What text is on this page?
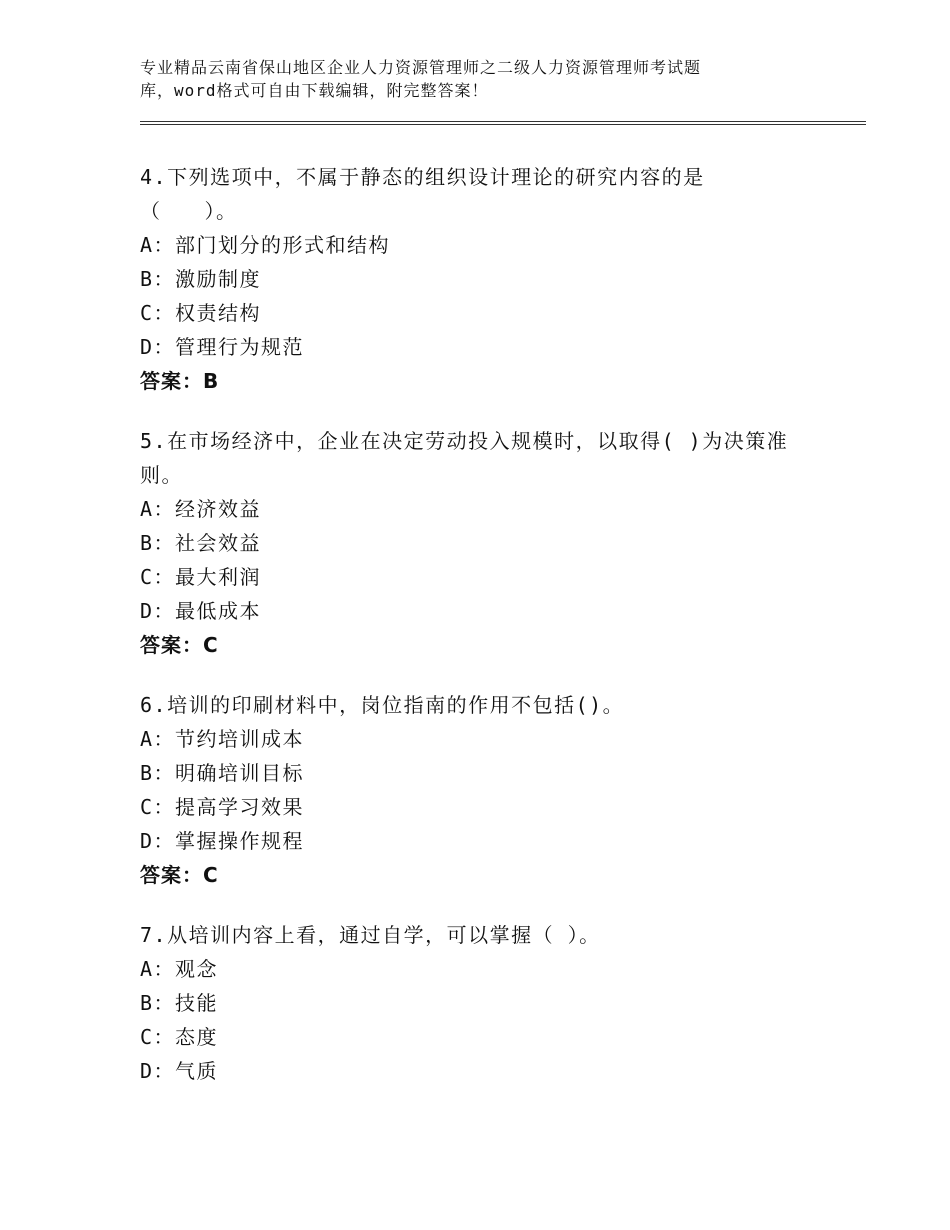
专业精品云南省保山地区企业人力资源管理师之二级人力资源管理师考试题
库，word格式可自由下载编辑，附完整答案！
4.下列选项中，不属于静态的组织设计理论的研究内容的是
（　　）。
A：部门划分的形式和结构
B：激励制度
C：权责结构
D：管理行为规范
答案：B
5.在市场经济中，企业在决定劳动投入规模时，以取得( )为决策准
则。
A：经济效益
B：社会效益
C：最大利润
D：最低成本
答案：C
6.培训的印刷材料中，岗位指南的作用不包括()。
A：节约培训成本
B：明确培训目标
C：提高学习效果
D：掌握操作规程
答案：C
7.从培训内容上看，通过自学，可以掌握（ ）。
A：观念
B：技能
C：态度
D：气质
